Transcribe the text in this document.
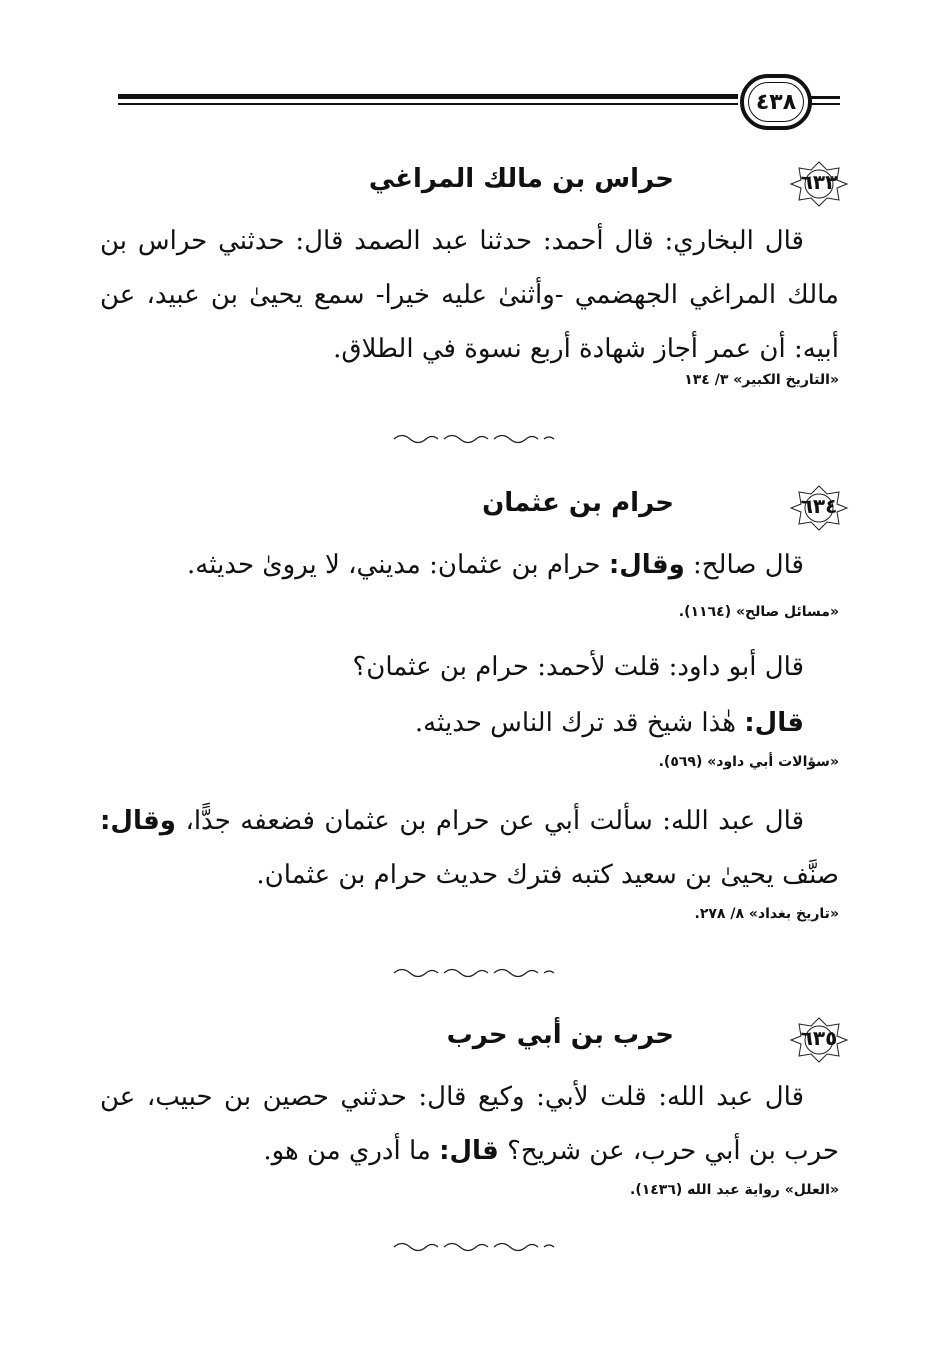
٤٣٨
٦٣٣
حراس بن مالك المراغي
قال البخاري: قال أحمد: حدثنا عبد الصمد قال: حدثني حراس بن مالك المراغي الجهضمي -وأثنىٰ عليه خيرا- سمع يحيىٰ بن عبيد، عن أبيه: أن عمر أجاز شهادة أربع نسوة في الطلاق.
«التاريخ الكبير» ٣/ ١٣٤
٦٣٤
حرام بن عثمان
قال صالح: وقال: حرام بن عثمان: مديني، لا يروىٰ حديثه.
«مسائل صالح» (١١٦٤).
قال أبو داود: قلت لأحمد: حرام بن عثمان؟
قال: هٰذا شيخ قد ترك الناس حديثه.
«سؤالات أبي داود» (٥٦٩).
قال عبد الله: سألت أبي عن حرام بن عثمان فضعفه جدًّا، وقال: صنَّف يحيىٰ بن سعيد كتبه فترك حديث حرام بن عثمان.
«تاريخ بغداد» ٨/ ٢٧٨.
٦٣٥
حرب بن أبي حرب
قال عبد الله: قلت لأبي: وكيع قال: حدثني حصين بن حبيب، عن حرب بن أبي حرب، عن شريح؟ قال: ما أدري من هو.
«العلل» رواية عبد الله (١٤٣٦).
